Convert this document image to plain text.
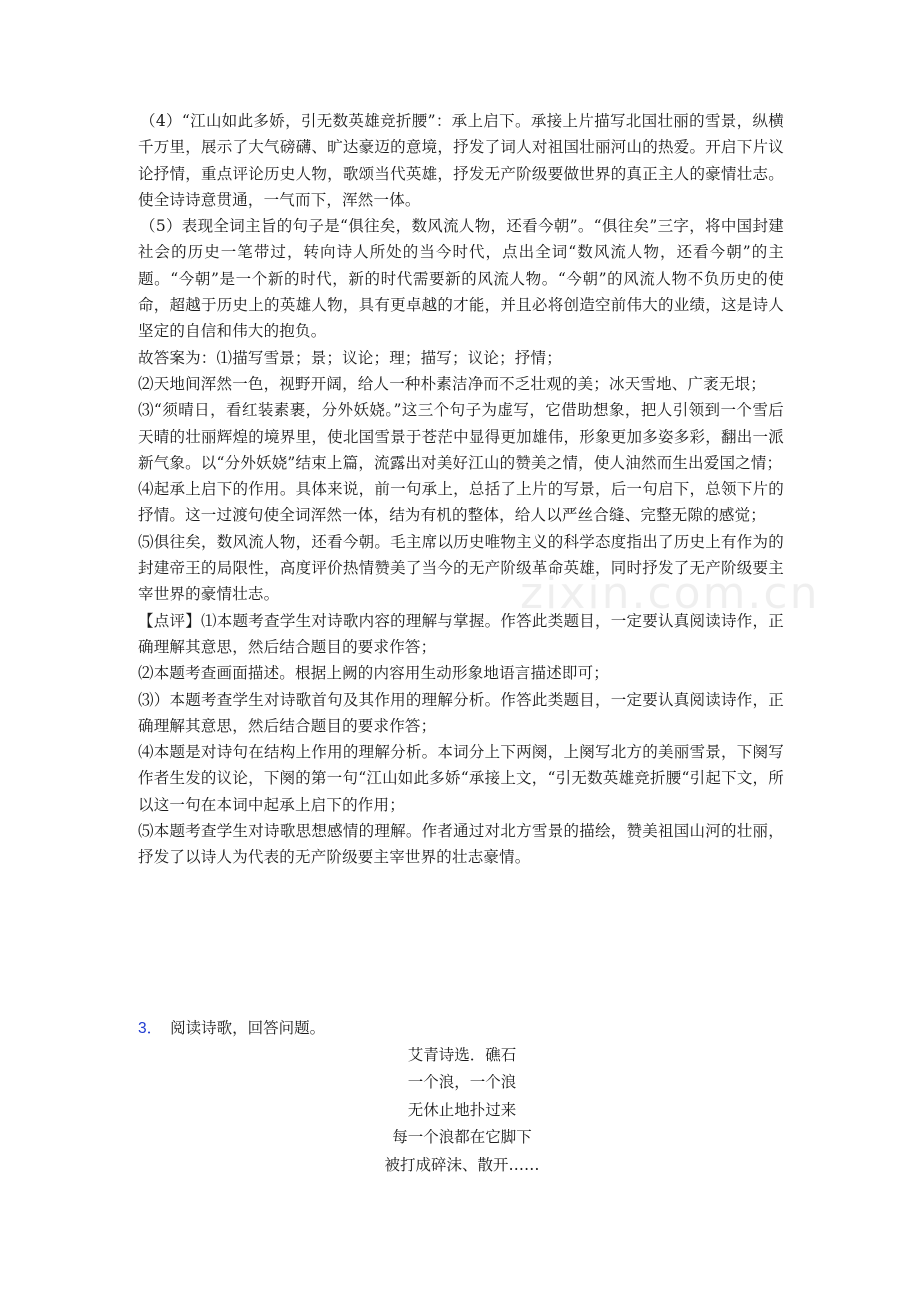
zixin.com.cn

（4）“江山如此多娇，引无数英雄竞折腰”：承上启下。承接上片描写北国壮丽的雪景，纵横千万里，展示了大气磅礴、旷达豪迈的意境，抒发了词人对祖国壮丽河山的热爱。开启下片议论抒情，重点评论历史人物，歌颂当代英雄，抒发无产阶级要做世界的真正主人的豪情壮志。使全诗诗意贯通，一气而下，浑然一体。

（5）表现全词主旨的句子是“俱往矣，数风流人物，还看今朝”。“俱往矣”三字，将中国封建社会的历史一笔带过，转向诗人所处的当今时代，点出全词“数风流人物，还看今朝”的主题。“今朝”是一个新的时代，新的时代需要新的风流人物。“今朝”的风流人物不负历史的使命，超越于历史上的英雄人物，具有更卓越的才能，并且必将创造空前伟大的业绩，这是诗人坚定的自信和伟大的抱负。

故答案为：⑴描写雪景；景；议论；理；描写；议论；抒情；

⑵天地间浑然一色，视野开阔，给人一种朴素洁净而不乏壮观的美；冰天雪地、广袤无垠；

⑶“须晴日，看红装素裹，分外妖娆。”这三个句子为虚写，它借助想象，把人引领到一个雪后天晴的壮丽辉煌的境界里，使北国雪景于苍茫中显得更加雄伟，形象更加多姿多彩，翻出一派新气象。以“分外妖娆”结束上篇，流露出对美好江山的赞美之情，使人油然而生出爱国之情；

⑷起承上启下的作用。具体来说，前一句承上，总括了上片的写景，后一句启下，总领下片的抒情。这一过渡句使全词浑然一体，结为有机的整体，给人以严丝合缝、完整无隙的感觉；

⑸俱往矣，数风流人物，还看今朝。毛主席以历史唯物主义的科学态度指出了历史上有作为的封建帝王的局限性，高度评价热情赞美了当今的无产阶级革命英雄，同时抒发了无产阶级要主宰世界的豪情壮志。

【点评】⑴本题考查学生对诗歌内容的理解与掌握。作答此类题目，一定要认真阅读诗作，正确理解其意思，然后结合题目的要求作答；

⑵本题考查画面描述。根据上阙的内容用生动形象地语言描述即可；

⑶）本题考查学生对诗歌首句及其作用的理解分析。作答此类题目，一定要认真阅读诗作，正确理解其意思，然后结合题目的要求作答；

⑷本题是对诗句在结构上作用的理解分析。本词分上下两阕，上阕写北方的美丽雪景，下阕写作者生发的议论，下阕的第一句“江山如此多娇“承接上文，“引无数英雄竞折腰“引起下文，所以这一句在本词中起承上启下的作用；

⑸本题考查学生对诗歌思想感情的理解。作者通过对北方雪景的描绘，赞美祖国山河的壮丽，抒发了以诗人为代表的无产阶级要主宰世界的壮志豪情。

3． 阅读诗歌，回答问题。
艾青诗选．礁石
一个浪，一个浪
无休止地扑过来
每一个浪都在它脚下
被打成碎沫、散开……
